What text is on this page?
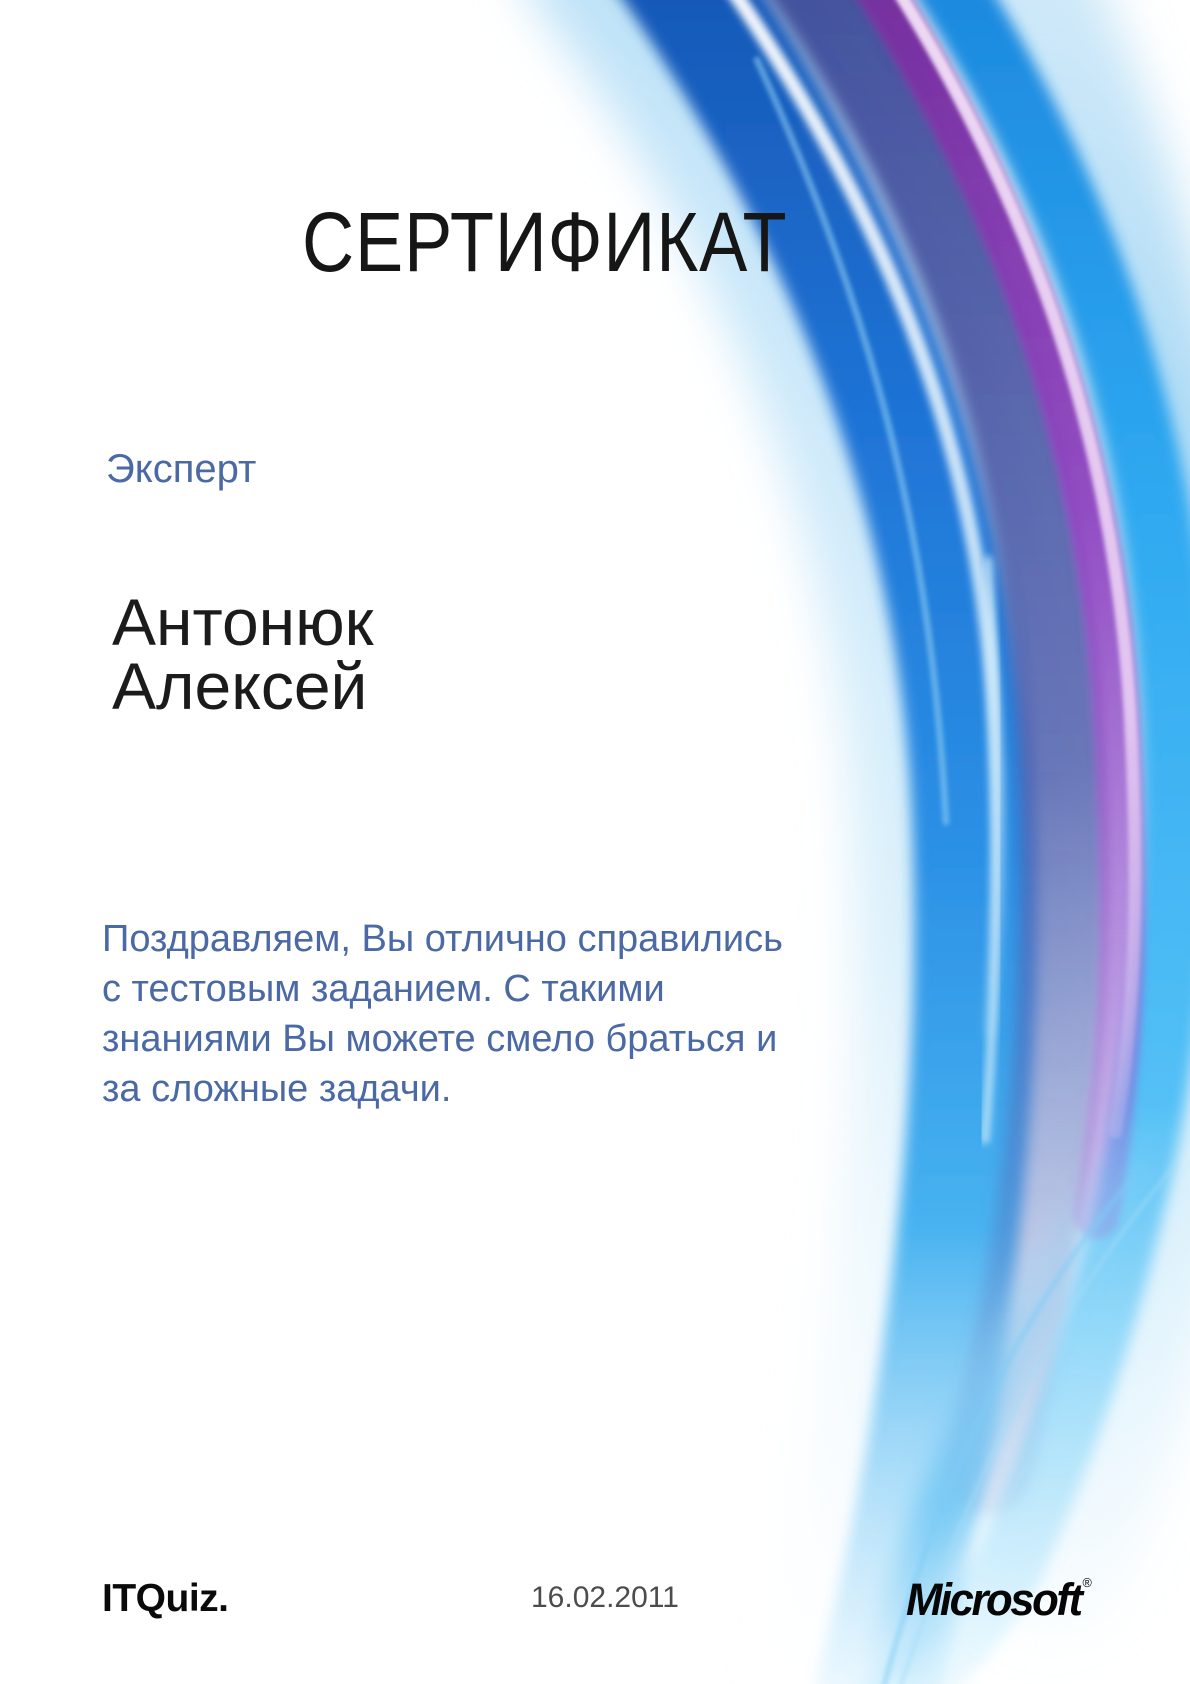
СЕРТИФИКАТ
Эксперт
Антонюк
Алексей
Поздравляем, Вы отлично справились
с тестовым заданием. С такими
знаниями Вы можете смело браться и
за сложные задачи.
ITQuiz.	16.02.2011	Microsoft ®
